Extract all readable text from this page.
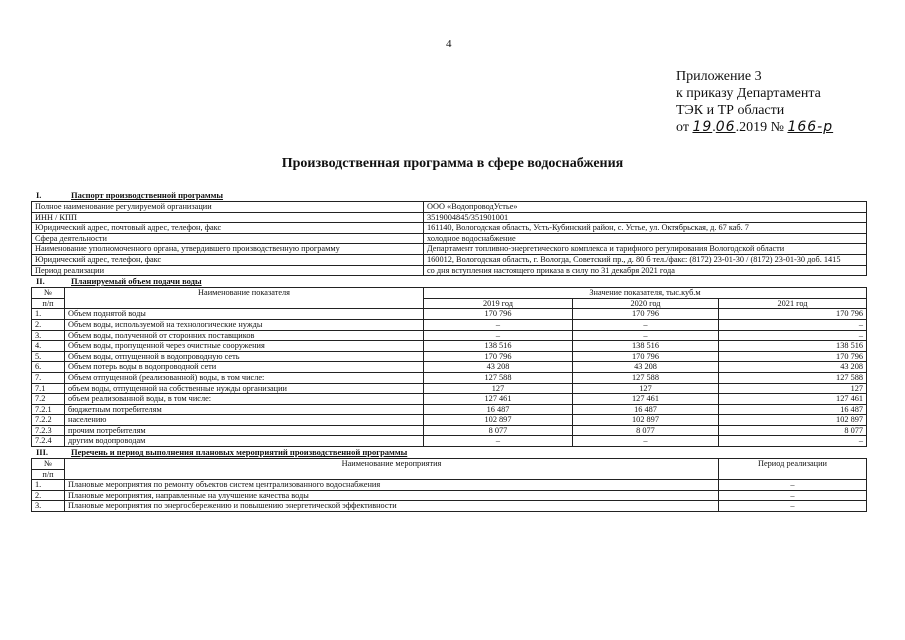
4
Приложение 3
к приказу Департамента
ТЭК и ТР области
от 19.06.2019 № 166-р
Производственная программа в сфере водоснабжения
I.	Паспорт производственной программы
Полное наименование регулируемой организации	ООО «ВодопроводУстье»
ИНН / КПП	3519004845/351901001
Юридический адрес, почтовый адрес, телефон, факс	161140, Вологодская область, Усть-Кубинский район, с. Устье, ул. Октябрьская, д. 67 каб. 7
Сфера деятельности	холодное водоснабжение
Наименование уполномоченного органа, утвердившего производственную программу	Департамент топливно-энергетического комплекса и тарифного регулирования Вологодской области
Юридический адрес, телефон, факс	160012, Вологодская область, г. Вологда, Советский пр., д. 80 б тел./факс: (8172) 23-01-30 / (8172) 23-01-30 доб. 1415
Период реализации	со дня вступления настоящего приказа в силу по 31 декабря 2021 года
II.	Планируемый объем подачи воды
№	Наименование показателя	Значение показателя, тыс.куб.м		
п/п		2019 год	2020 год	2021 год
1.	Объем поднятой воды	170 796	170 796	170 796
2.	Объем воды, используемой на технологические нужды	–	–	–
3.	Объем воды, полученной от сторонних поставщиков	–	–	–
4.	Объем воды, пропущенной через очистные сооружения	138 516	138 516	138 516
5.	Объем воды, отпущенной в водопроводную сеть	170 796	170 796	170 796
6.	Объем потерь воды в водопроводной сети	43 208	43 208	43 208
7.	Объем отпущенной (реализованной) воды, в том числе:	127 588	127 588	127 588
7.1	объем воды, отпущенной на собственные нужды организации	127	127	127
7.2	объем реализованной воды, в том числе:	127 461	127 461	127 461
7.2.1	бюджетным потребителям	16 487	16 487	16 487
7.2.2	населению	102 897	102 897	102 897
7.2.3	прочим потребителям	8 077	8 077	8 077
7.2.4	другим водопроводам	–	–	–
III.	Перечень и период выполнения плановых мероприятий производственной программы
№	Наименование мероприятия	Период реализации
п/п		
1.	Плановые мероприятия по ремонту объектов систем централизованного водоснабжения	–
2.	Плановые мероприятия, направленные на улучшение качества воды	–
3.	Плановые мероприятия по энергосбережению и повышению энергетической эффективности	–
